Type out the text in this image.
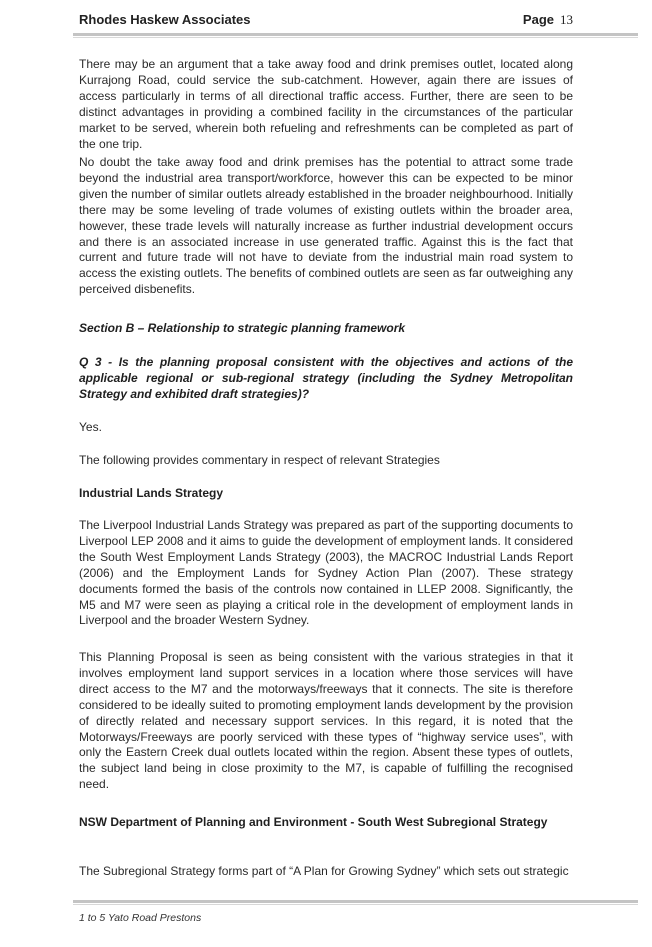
Rhodes Haskew Associates	Page 13

There may be an argument that a take away food and drink premises outlet, located along Kurrajong Road, could service the sub-catchment. However, again there are issues of access particularly in terms of all directional traffic access. Further, there are seen to be distinct advantages in providing a combined facility in the circumstances of the particular market to be served, wherein both refueling and refreshments can be completed as part of the one trip.

No doubt the take away food and drink premises has the potential to attract some trade beyond the industrial area transport/workforce, however this can be expected to be minor given the number of similar outlets already established in the broader neighbourhood. Initially there may be some leveling of trade volumes of existing outlets within the broader area, however, these trade levels will naturally increase as further industrial development occurs and there is an associated increase in use generated traffic. Against this is the fact that current and future trade will not have to deviate from the industrial main road system to access the existing outlets. The benefits of combined outlets are seen as far outweighing any perceived disbenefits.

Section B – Relationship to strategic planning framework
Q 3 - Is the planning proposal consistent with the objectives and actions of the applicable regional or sub-regional strategy (including the Sydney Metropolitan Strategy and exhibited draft strategies)?

Yes.

The following provides commentary in respect of relevant Strategies

Industrial Lands Strategy

The Liverpool Industrial Lands Strategy was prepared as part of the supporting documents to Liverpool LEP 2008 and it aims to guide the development of employment lands. It considered the South West Employment Lands Strategy (2003), the MACROC Industrial Lands Report (2006) and the Employment Lands for Sydney Action Plan (2007). These strategy documents formed the basis of the controls now contained in LLEP 2008. Significantly, the M5 and M7 were seen as playing a critical role in the development of employment lands in Liverpool and the broader Western Sydney.

This Planning Proposal is seen as being consistent with the various strategies in that it involves employment land support services in a location where those services will have direct access to the M7 and the motorways/freeways that it connects. The site is therefore considered to be ideally suited to promoting employment lands development by the provision of directly related and necessary support services. In this regard, it is noted that the Motorways/Freeways are poorly serviced with these types of “highway service uses”, with only the Eastern Creek dual outlets located within the region. Absent these types of outlets, the subject land being in close proximity to the M7, is capable of fulfilling the recognised need.

NSW Department of Planning and Environment - South West Subregional Strategy

The Subregional Strategy forms part of “A Plan for Growing Sydney” which sets out strategic

1 to 5 Yato Road Prestons
